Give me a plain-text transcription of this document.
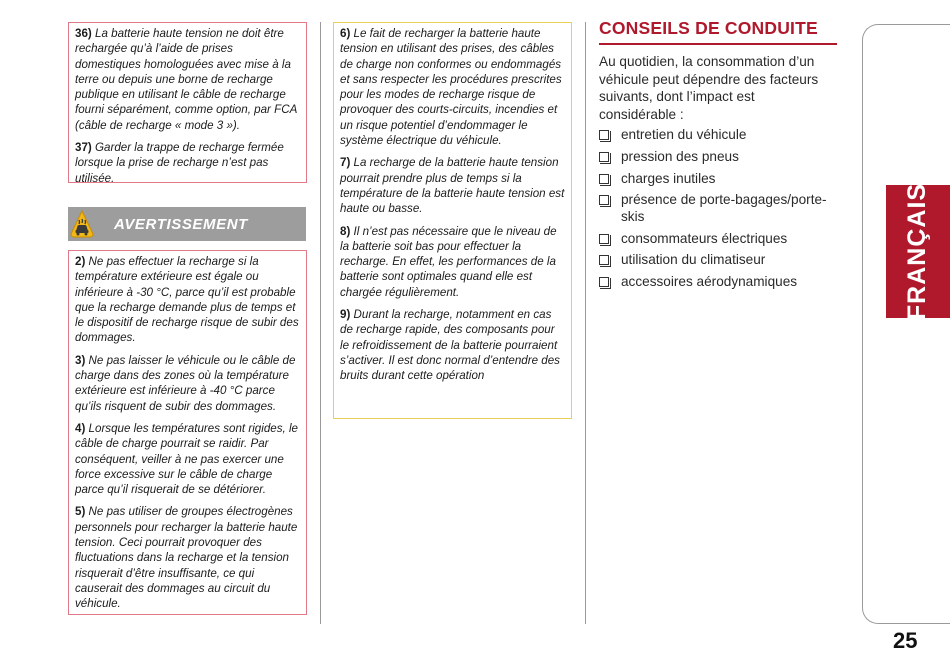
36) La batterie haute tension ne doit être rechargée qu’à l’aide de prises domestiques homologuées avec mise à la terre ou depuis une borne de recharge publique en utilisant le câble de recharge fourni séparément, comme option, par FCA (câble de recharge « mode 3 »).
37) Garder la trappe de recharge fermée lorsque la prise de recharge n’est pas utilisée.
AVERTISSEMENT
2) Ne pas effectuer la recharge si la température extérieure est égale ou inférieure à -30 °C, parce qu’il est probable que la recharge demande plus de temps et le dispositif de recharge risque de subir des dommages.
3) Ne pas laisser le véhicule ou le câble de charge dans des zones où la température extérieure est inférieure à -40 °C parce qu’ils risquent de subir des dommages.
4) Lorsque les températures sont rigides, le câble de charge pourrait se raidir. Par conséquent, veiller à ne pas exercer une force excessive sur le câble de charge parce qu’il risquerait de se détériorer.
5) Ne pas utiliser de groupes électrogènes personnels pour recharger la batterie haute tension. Ceci pourrait provoquer des fluctuations dans la recharge et la tension risquerait d’être insuffisante, ce qui causerait des dommages au circuit du véhicule.
6) Le fait de recharger la batterie haute tension en utilisant des prises, des câbles de charge non conformes ou endommagés et sans respecter les procédures prescrites pour les modes de recharge risque de provoquer des courts-circuits, incendies et un risque potentiel d’endommager le système électrique du véhicule.
7) La recharge de la batterie haute tension pourrait prendre plus de temps si la température de la batterie haute tension est haute ou basse.
8) Il n’est pas nécessaire que le niveau de la batterie soit bas pour effectuer la recharge. En effet, les performances de la batterie sont optimales quand elle est chargée régulièrement.
9) Durant la recharge, notamment en cas de recharge rapide, des composants pour le refroidissement de la batterie pourraient s’activer. Il est donc normal d’entendre des bruits durant cette opération
CONSEILS DE CONDUITE

Au quotidien, la consommation d’un véhicule peut dépendre des facteurs suivants, dont l’impact est considérable :

entretien du véhicule
pression des pneus
charges inutiles
présence de porte-bagages/porte-skis
consommateurs électriques
utilisation du climatiseur
accessoires aérodynamiques	FRANÇAIS
25
